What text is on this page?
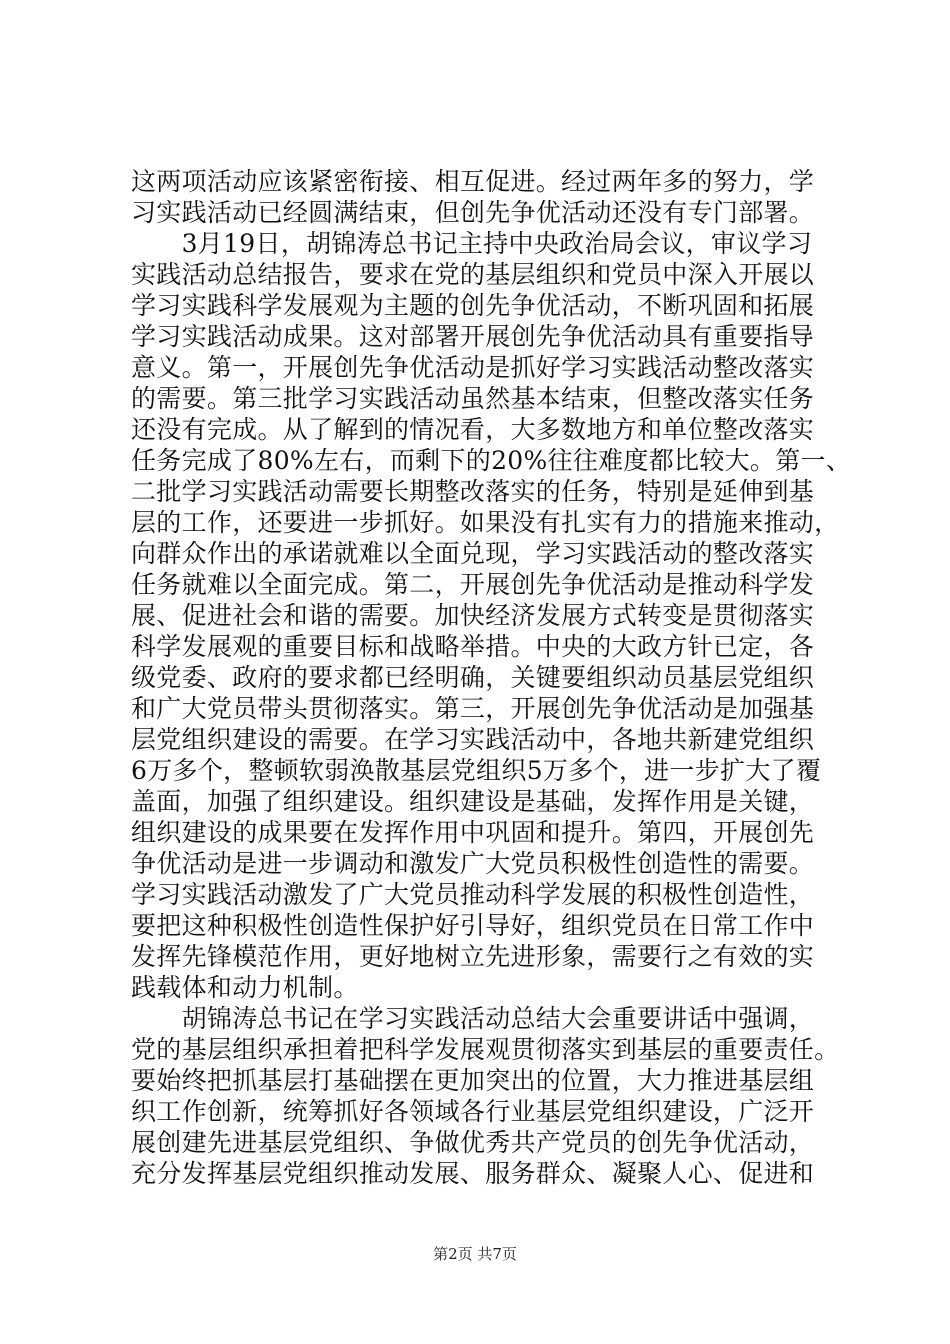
这两项活动应该紧密衔接、相互促进。经过两年多的努力，学
习实践活动已经圆满结束，但创先争优活动还没有专门部署。
　　3月19日，胡锦涛总书记主持中央政治局会议，审议学习
实践活动总结报告，要求在党的基层组织和党员中深入开展以
学习实践科学发展观为主题的创先争优活动，不断巩固和拓展
学习实践活动成果。这对部署开展创先争优活动具有重要指导
意义。第一，开展创先争优活动是抓好学习实践活动整改落实
的需要。第三批学习实践活动虽然基本结束，但整改落实任务
还没有完成。从了解到的情况看，大多数地方和单位整改落实
任务完成了80%左右，而剩下的20%往往难度都比较大。第一、
二批学习实践活动需要长期整改落实的任务，特别是延伸到基
层的工作，还要进一步抓好。如果没有扎实有力的措施来推动，
向群众作出的承诺就难以全面兑现，学习实践活动的整改落实
任务就难以全面完成。第二，开展创先争优活动是推动科学发
展、促进社会和谐的需要。加快经济发展方式转变是贯彻落实
科学发展观的重要目标和战略举措。中央的大政方针已定，各
级党委、政府的要求都已经明确，关键要组织动员基层党组织
和广大党员带头贯彻落实。第三，开展创先争优活动是加强基
层党组织建设的需要。在学习实践活动中，各地共新建党组织
6万多个，整顿软弱涣散基层党组织5万多个，进一步扩大了覆
盖面，加强了组织建设。组织建设是基础，发挥作用是关键，
组织建设的成果要在发挥作用中巩固和提升。第四，开展创先
争优活动是进一步调动和激发广大党员积极性创造性的需要。
学习实践活动激发了广大党员推动科学发展的积极性创造性，
要把这种积极性创造性保护好引导好，组织党员在日常工作中
发挥先锋模范作用，更好地树立先进形象，需要行之有效的实
践载体和动力机制。
　　胡锦涛总书记在学习实践活动总结大会重要讲话中强调，
党的基层组织承担着把科学发展观贯彻落实到基层的重要责任。
要始终把抓基层打基础摆在更加突出的位置，大力推进基层组
织工作创新，统筹抓好各领域各行业基层党组织建设，广泛开
展创建先进基层党组织、争做优秀共产党员的创先争优活动，
充分发挥基层党组织推动发展、服务群众、凝聚人心、促进和
第2页 共7页
